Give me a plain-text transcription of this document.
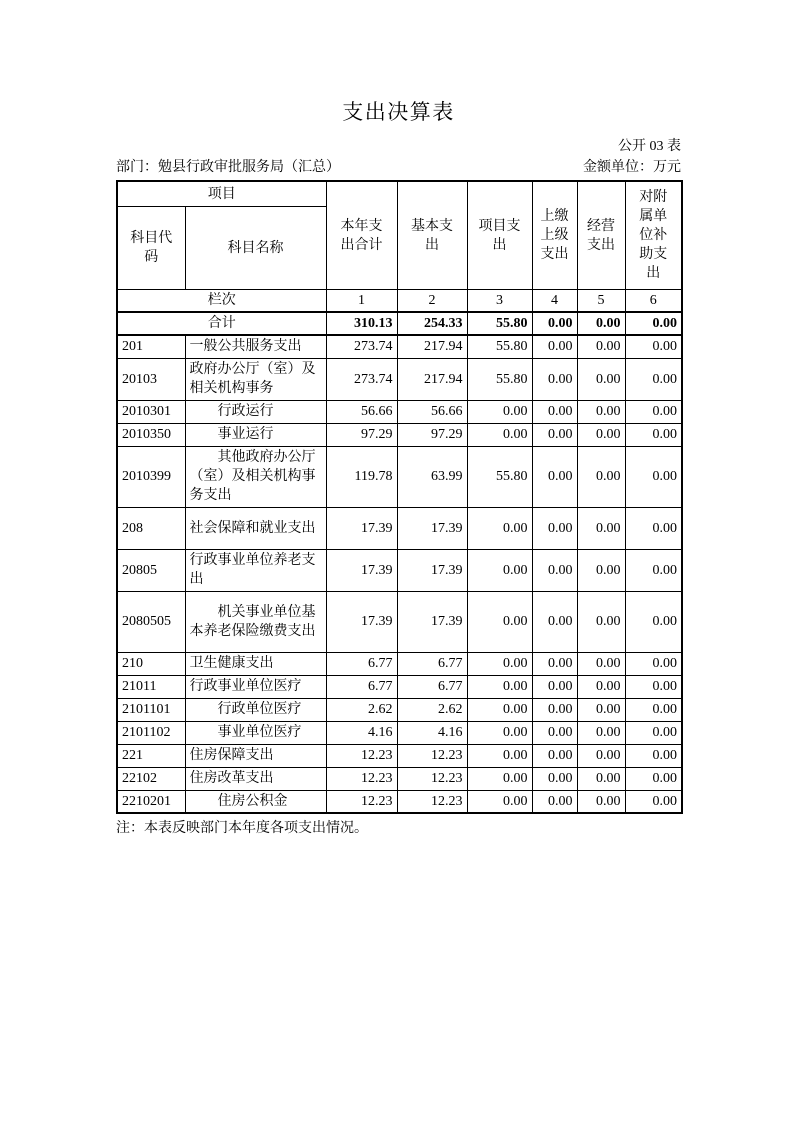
支出决算表
公开 03 表
部门：勉县行政审批服务局（汇总）	金额单位：万元
项目		本年支出合计	基本支出	项目支出	上缴上级支出	经营支出	对附属单位补助支出
科目代码	科目名称						
栏次		1	2	3	4	5	6
合计		310.13	254.33	55.80	0.00	0.00	0.00
201	一般公共服务支出	273.74	217.94	55.80	0.00	0.00	0.00
20103	政府办公厅（室）及相关机构事务	273.74	217.94	55.80	0.00	0.00	0.00
2010301	行政运行	56.66	56.66	0.00	0.00	0.00	0.00
2010350	事业运行	97.29	97.29	0.00	0.00	0.00	0.00
2010399	其他政府办公厅（室）及相关机构事务支出	119.78	63.99	55.80	0.00	0.00	0.00
208	社会保障和就业支出	17.39	17.39	0.00	0.00	0.00	0.00
20805	行政事业单位养老支出	17.39	17.39	0.00	0.00	0.00	0.00
2080505	机关事业单位基本养老保险缴费支出	17.39	17.39	0.00	0.00	0.00	0.00
210	卫生健康支出	6.77	6.77	0.00	0.00	0.00	0.00
21011	行政事业单位医疗	6.77	6.77	0.00	0.00	0.00	0.00
2101101	行政单位医疗	2.62	2.62	0.00	0.00	0.00	0.00
2101102	事业单位医疗	4.16	4.16	0.00	0.00	0.00	0.00
221	住房保障支出	12.23	12.23	0.00	0.00	0.00	0.00
22102	住房改革支出	12.23	12.23	0.00	0.00	0.00	0.00
2210201	住房公积金	12.23	12.23	0.00	0.00	0.00	0.00
注：本表反映部门本年度各项支出情况。
